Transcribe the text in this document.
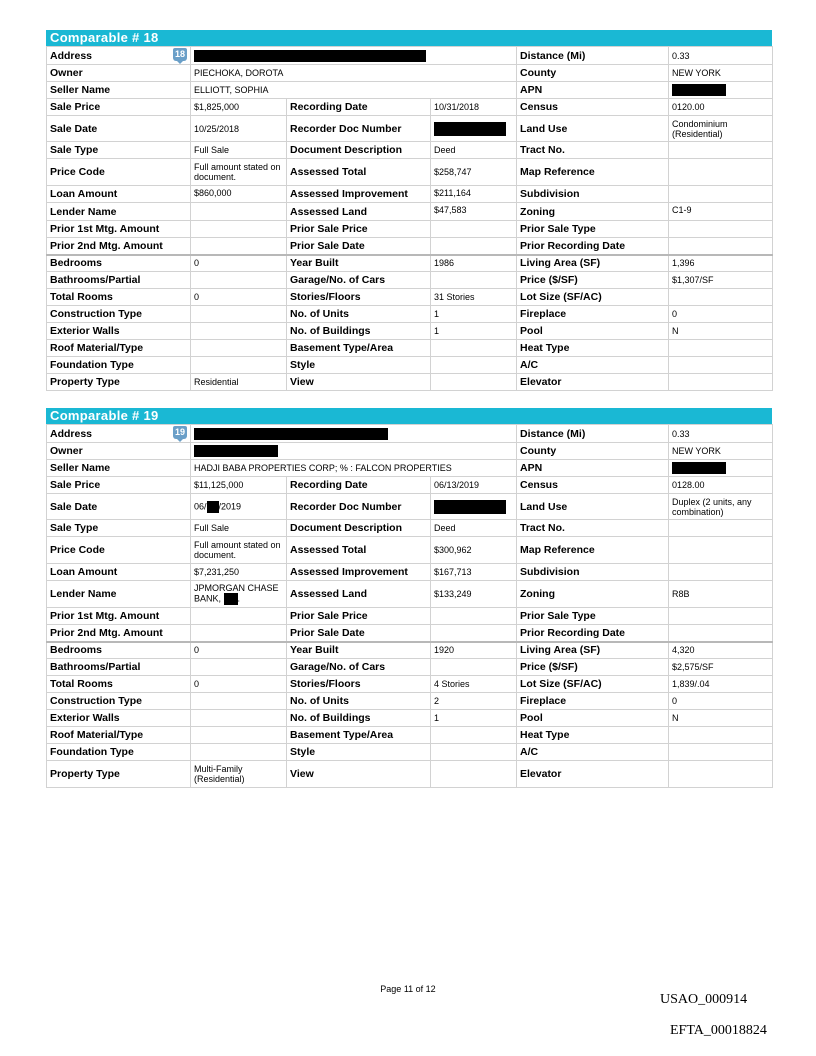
Comparable # 18
Address 18				Distance (Mi)	0.33
Owner	PIECHOKA, DOROTA			County	NEW YORK
Seller Name	ELLIOTT, SOPHIA			APN	
Sale Price	$1,825,000	Recording Date	10/31/2018	Census	0120.00
Sale Date	10/25/2018	Recorder Doc Number		Land Use	Condominium (Residential)
Sale Type	Full Sale	Document Description	Deed	Tract No.	
Price Code	Full amount stated on document.	Assessed Total	$258,747	Map Reference	
Loan Amount	$860,000	Assessed Improvement	$211,164	Subdivision	
Lender Name		Assessed Land	$47,583	Zoning	C1-9
Prior 1st Mtg. Amount		Prior Sale Price		Prior Sale Type	
Prior 2nd Mtg. Amount		Prior Sale Date		Prior Recording Date	
Bedrooms	0	Year Built	1986	Living Area (SF)	1,396
Bathrooms/Partial		Garage/No. of Cars		Price ($/SF)	$1,307/SF
Total Rooms	0	Stories/Floors	31 Stories	Lot Size (SF/AC)	
Construction Type		No. of Units	1	Fireplace	0
Exterior Walls		No. of Buildings	1	Pool	N
Roof Material/Type		Basement Type/Area		Heat Type	
Foundation Type		Style		A/C	
Property Type	Residential	View		Elevator	
Comparable # 19
Address 19				Distance (Mi)	0.33
Owner				County	NEW YORK
Seller Name	HADJI BABA PROPERTIES CORP; % : FALCON PROPERTIES			APN	
Sale Price	$11,125,000	Recording Date	06/13/2019	Census	0128.00
Sale Date	06/ /2019	Recorder Doc Number		Land Use	Duplex (2 units, any combination)
Sale Type	Full Sale	Document Description	Deed	Tract No.	
Price Code	Full amount stated on document.	Assessed Total	$300,962	Map Reference	
Loan Amount	$7,231,250	Assessed Improvement	$167,713	Subdivision	
Lender Name	JPMORGAN CHASE BANK, .	Assessed Land	$133,249	Zoning	R8B
Prior 1st Mtg. Amount		Prior Sale Price		Prior Sale Type	
Prior 2nd Mtg. Amount		Prior Sale Date		Prior Recording Date	
Bedrooms	0	Year Built	1920	Living Area (SF)	4,320
Bathrooms/Partial		Garage/No. of Cars		Price ($/SF)	$2,575/SF
Total Rooms	0	Stories/Floors	4 Stories	Lot Size (SF/AC)	1,839/.04
Construction Type		No. of Units	2	Fireplace	0
Exterior Walls		No. of Buildings	1	Pool	N
Roof Material/Type		Basement Type/Area		Heat Type	
Foundation Type		Style		A/C	
Property Type	Multi-Family (Residential)	View		Elevator	
Page 11 of 12
USAO_000914
EFTA_00018824
